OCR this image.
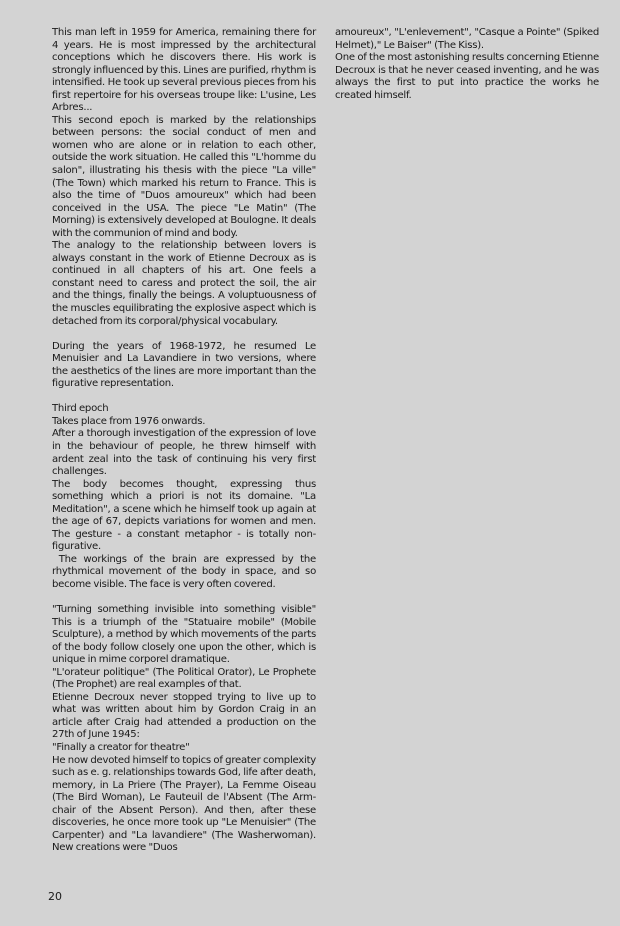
This man left in 1959 for America, remaining there for 4 years. He is most impressed by the architectural conceptions which he discovers there. His work is strongly influenced by this. Lines are purified, rhythm is intensified. He took up several previous pieces from his first repertoire for his overseas troupe like: L'usine, Les Arbres...

This second epoch is marked by the relationships between persons: the social conduct of men and women who are alone or in relation to each other, outside the work situation. He called this "L'homme du salon", illustrating his thesis with the piece "La ville" (The Town) which marked his return to France. This is also the time of "Duos amoureux" which had been conceived in the USA. The piece "Le Matin" (The Morning) is extensively developed at Boulogne. It deals with the communion of mind and body.

The analogy to the relationship between lovers is always constant in the work of Etienne Decroux as is continued in all chapters of his art. One feels a constant need to caress and protect the soil, the air and the things, finally the beings. A voluptuousness of the muscles equilibrating the explosive aspect which is detached from its corporal/physical vocabulary.

During the years of 1968-1972, he resumed Le Menuisier and La Lavandiere in two versions, where the aesthetics of the lines are more important than the figurative representation.

Third epoch

Takes place from 1976 onwards.

After a thorough investigation of the expression of love in the behaviour of people, he threw himself with ardent zeal into the task of continuing his very first challenges.

The body becomes thought, expressing thus something which a priori is not its domaine. "La Meditation", a scene which he himself took up again at the age of 67, depicts variations for women and men. The gesture - a constant metaphor - is totally non-figurative.

The workings of the brain are expressed by the rhythmical movement of the body in space, and so become visible. The face is very often covered.

"Turning something invisible into something visible" This is a triumph of the "Statuaire mobile" (Mobile Sculpture), a method by which movements of the parts of the body follow closely one upon the other, which is unique in mime corporel dramatique.

"L'orateur politique" (The Political Orator), Le Prophete (The Prophet) are real examples of that.

Etienne Decroux never stopped trying to live up to what was written about him by Gordon Craig in an article after Craig had attended a production on the 27th of June 1945:

"Finally a creator for theatre"

He now devoted himself to topics of greater complexity such as e. g. relationships towards God, life after death, memory, in La Priere (The Prayer), La Femme Oiseau (The Bird Woman), Le Fauteuil de l'Absent (The Arm-chair of the Absent Person). And then, after these discoveries, he once more took up "Le Menuisier" (The Carpenter) and "La lavandiere" (The Washerwoman). New creations were "Duos

amoureux", "L'enlevement", "Casque a Pointe" (Spiked Helmet)," Le Baiser" (The Kiss).

One of the most astonishing results concerning Etienne Decroux is that he never ceased inventing, and he was always the first to put into practice the works he created himself.

20
